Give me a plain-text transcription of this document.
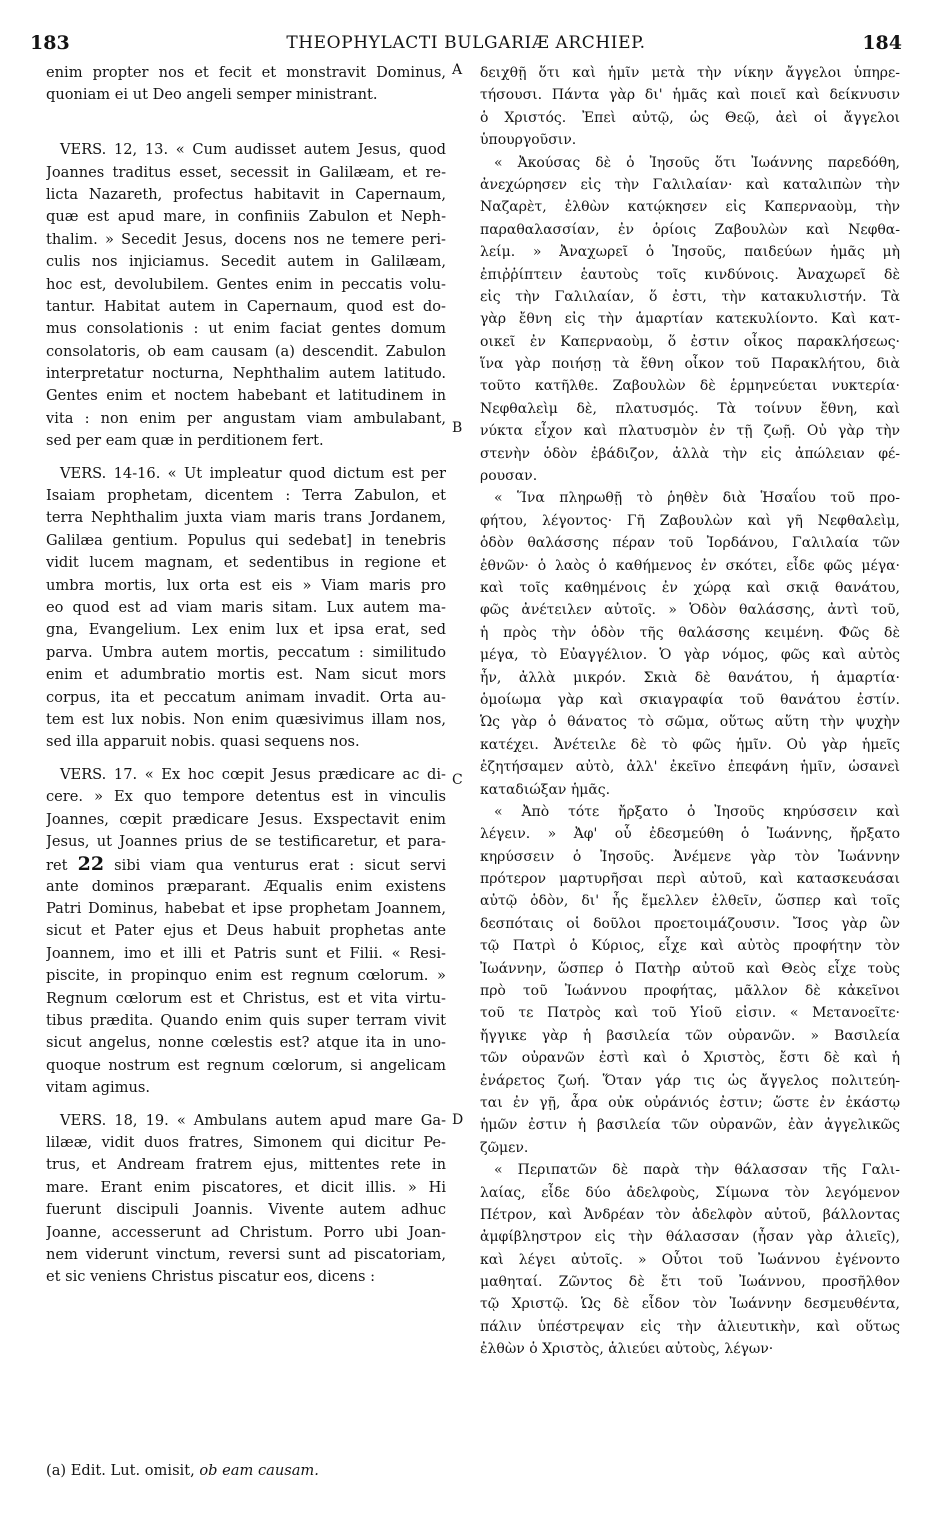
183	THEOPHYLACTI BULGARIÆ ARCHIEP.	184
A
B
C
D
enim propter nos et fecit et monstravit Dominus,
quoniam ei ut Deo angeli semper ministrant.
VERS. 12, 13. « Cum audisset autem Jesus, quod
Joannes traditus esset, secessit in Galilæam, et re-
licta Nazareth, profectus habitavit in Capernaum,
quæ est apud mare, in confiniis Zabulon et Neph-
thalim. » Secedit Jesus, docens nos ne temere peri-
culis nos injiciamus. Secedit autem in Galilæam,
hoc est, devolubilem. Gentes enim in peccatis volu-
tantur. Habitat autem in Capernaum, quod est do-
mus consolationis : ut enim faciat gentes domum
consolatoris, ob eam causam (a) descendit. Zabulon
interpretatur nocturna, Nephthalim autem latitudo.
Gentes enim et noctem habebant et latitudinem in
vita : non enim per angustam viam ambulabant,
sed per eam quæ in perditionem fert.
VERS. 14-16. « Ut impleatur quod dictum est per
Isaiam prophetam, dicentem : Terra Zabulon, et
terra Nephthalim juxta viam maris trans Jordanem,
Galilæa gentium. Populus qui sedebat] in tenebris
vidit lucem magnam, et sedentibus in regione et
umbra mortis, lux orta est eis » Viam maris pro
eo quod est ad viam maris sitam. Lux autem ma-
gna, Evangelium. Lex enim lux et ipsa erat, sed
parva. Umbra autem mortis, peccatum : similitudo
enim et adumbratio mortis est. Nam sicut mors
corpus, ita et peccatum animam invadit. Orta au-
tem est lux nobis. Non enim quæsivimus illam nos,
sed illa apparuit nobis. quasi sequens nos.
VERS. 17. « Ex hoc cœpit Jesus prædicare ac di-
cere. » Ex quo tempore detentus est in vinculis
Joannes, cœpit prædicare Jesus. Exspectavit enim
Jesus, ut Joannes prius de se testificaretur, et para-
ret 22 sibi viam qua venturus erat : sicut servi
ante dominos præparant. Æqualis enim existens
Patri Dominus, habebat et ipse prophetam Joannem,
sicut et Pater ejus et Deus habuit prophetas ante
Joannem, imo et illi et Patris sunt et Filii. « Resi-
piscite, in propinquo enim est regnum cœlorum. »
Regnum cœlorum est et Christus, est et vita virtu-
tibus prædita. Quando enim quis super terram vivit
sicut angelus, nonne cœlestis est? atque ita in uno-
quoque nostrum est regnum cœlorum, si angelicam
vitam agimus.
VERS. 18, 19. « Ambulans autem apud mare Ga-
lilææ, vidit duos fratres, Simonem qui dicitur Pe-
trus, et Andream fratrem ejus, mittentes rete in
mare. Erant enim piscatores, et dicit illis. » Hi
fuerunt discipuli Joannis. Vivente autem adhuc
Joanne, accesserunt ad Christum. Porro ubi Joan-
nem viderunt vinctum, reversi sunt ad piscatoriam,
et sic veniens Christus piscatur eos, dicens :
δειχθῇ ὅτι καὶ ἡμῖν μετὰ τὴν νίκην ἄγγελοι ὑπηρε-
τήσουσι. Πάντα γὰρ δι' ἡμᾶς καὶ ποιεῖ καὶ δείκνυσιν
ὁ Χριστός. Ἐπεὶ αὐτῷ, ὡς Θεῷ, ἀεὶ οἱ ἄγγελοι
ὑπουργοῦσιν.
« Ἀκούσας δὲ ὁ Ἰησοῦς ὅτι Ἰωάννης παρεδόθη,
ἀνεχώρησεν εἰς τὴν Γαλιλαίαν· καὶ καταλιπὼν τὴν
Ναζαρὲτ, ἐλθὼν κατῴκησεν εἰς Καπερναοὺμ, τὴν
παραθαλασσίαν, ἐν ὁρίοις Ζαβουλὼν καὶ Νεφθα-
λείμ. » Ἀναχωρεῖ ὁ Ἰησοῦς, παιδεύων ἡμᾶς μὴ
ἐπιῤῥίπτειν ἑαυτοὺς τοῖς κινδύνοις. Ἀναχωρεῖ δὲ
εἰς τὴν Γαλιλαίαν, ὅ ἐστι, τὴν κατακυλιστήν. Τὰ
γὰρ ἔθνη εἰς τὴν ἁμαρτίαν κατεκυλίοντο. Καὶ κατ-
οικεῖ ἐν Καπερναοὺμ, ὅ ἐστιν οἶκος παρακλήσεως·
ἵνα γὰρ ποιήσῃ τὰ ἔθνη οἶκον τοῦ Παρακλήτου, διὰ
τοῦτο κατῆλθε. Ζαβουλὼν δὲ ἑρμηνεύεται νυκτερία·
Νεφθαλεὶμ δὲ, πλατυσμός. Τὰ τοίνυν ἔθνη, καὶ
νύκτα εἶχον καὶ πλατυσμὸν ἐν τῇ ζωῇ. Οὐ γὰρ τὴν
στενὴν ὁδὸν ἐβάδιζον, ἀλλὰ τὴν εἰς ἀπώλειαν φέ-
ρουσαν.
« Ἵνα πληρωθῇ τὸ ῥηθὲν διὰ Ἡσαΐου τοῦ προ-
φήτου, λέγοντος· Γῆ Ζαβουλὼν καὶ γῆ Νεφθαλεὶμ,
ὁδὸν θαλάσσης πέραν τοῦ Ἰορδάνου, Γαλιλαία τῶν
ἐθνῶν· ὁ λαὸς ὁ καθήμενος ἐν σκότει, εἶδε φῶς μέγα·
καὶ τοῖς καθημένοις ἐν χώρᾳ καὶ σκιᾷ θανάτου,
φῶς ἀνέτειλεν αὐτοῖς. » Ὁδὸν θαλάσσης, ἀντὶ τοῦ,
ἡ πρὸς τὴν ὁδὸν τῆς θαλάσσης κειμένη. Φῶς δὲ
μέγα, τὸ Εὐαγγέλιον. Ὁ γὰρ νόμος, φῶς καὶ αὐτὸς
ἦν, ἀλλὰ μικρόν. Σκιὰ δὲ θανάτου, ἡ ἁμαρτία·
ὁμοίωμα γὰρ καὶ σκιαγραφία τοῦ θανάτου ἐστίν.
Ὡς γὰρ ὁ θάνατος τὸ σῶμα, οὕτως αὕτη τὴν ψυχὴν
κατέχει. Ἀνέτειλε δὲ τὸ φῶς ἡμῖν. Οὐ γὰρ ἡμεῖς
ἐζητήσαμεν αὐτὸ, ἀλλ' ἐκεῖνο ἐπεφάνη ἡμῖν, ὡσανεὶ
καταδιώξαν ἡμᾶς.
« Ἀπὸ τότε ἤρξατο ὁ Ἰησοῦς κηρύσσειν καὶ
λέγειν. » Ἀφ' οὗ ἐδεσμεύθη ὁ Ἰωάννης, ἤρξατο
κηρύσσειν ὁ Ἰησοῦς. Ἀνέμενε γὰρ τὸν Ἰωάννην
πρότερον μαρτυρῆσαι περὶ αὐτοῦ, καὶ κατασκευάσαι
αὐτῷ ὁδὸν, δι' ἧς ἔμελλεν ἐλθεῖν, ὥσπερ καὶ τοῖς
δεσπόταις οἱ δοῦλοι προετοιμάζουσιν. Ἴσος γὰρ ὢν
τῷ Πατρὶ ὁ Κύριος, εἶχε καὶ αὐτὸς προφήτην τὸν
Ἰωάννην, ὥσπερ ὁ Πατὴρ αὐτοῦ καὶ Θεὸς εἶχε τοὺς
πρὸ τοῦ Ἰωάννου προφήτας, μᾶλλον δὲ κἀκεῖνοι
τοῦ τε Πατρὸς καὶ τοῦ Υἱοῦ εἰσιν. « Μετανοεῖτε·
ἤγγικε γὰρ ἡ βασιλεία τῶν οὐρανῶν. » Βασιλεία
τῶν οὐρανῶν ἐστὶ καὶ ὁ Χριστὸς, ἔστι δὲ καὶ ἡ
ἐνάρετος ζωή. Ὅταν γάρ τις ὡς ἄγγελος πολιτεύη-
ται ἐν γῇ, ἆρα οὐκ οὐράνιός ἐστιν; ὥστε ἐν ἑκάστῳ
ἡμῶν ἐστιν ἡ βασιλεία τῶν οὐρανῶν, ἐὰν ἀγγελικῶς
ζῶμεν.
« Περιπατῶν δὲ παρὰ τὴν θάλασσαν τῆς Γαλι-
λαίας, εἶδε δύο ἀδελφοὺς, Σίμωνα τὸν λεγόμενον
Πέτρον, καὶ Ἀνδρέαν τὸν ἀδελφὸν αὐτοῦ, βάλλοντας
ἀμφίβληστρον εἰς τὴν θάλασσαν (ἦσαν γὰρ ἁλιεῖς),
καὶ λέγει αὐτοῖς. » Οὗτοι τοῦ Ἰωάννου ἐγένοντο
μαθηταί. Ζῶντος δὲ ἔτι τοῦ Ἰωάννου, προσῆλθον
τῷ Χριστῷ. Ὡς δὲ εἶδον τὸν Ἰωάννην δεσμευθέντα,
πάλιν ὑπέστρεψαν εἰς τὴν ἁλιευτικὴν, καὶ οὕτως
ἐλθὼν ὁ Χριστὸς, ἁλιεύει αὐτοὺς, λέγων·
(a) Edit. Lut. omisit, ob eam causam.
